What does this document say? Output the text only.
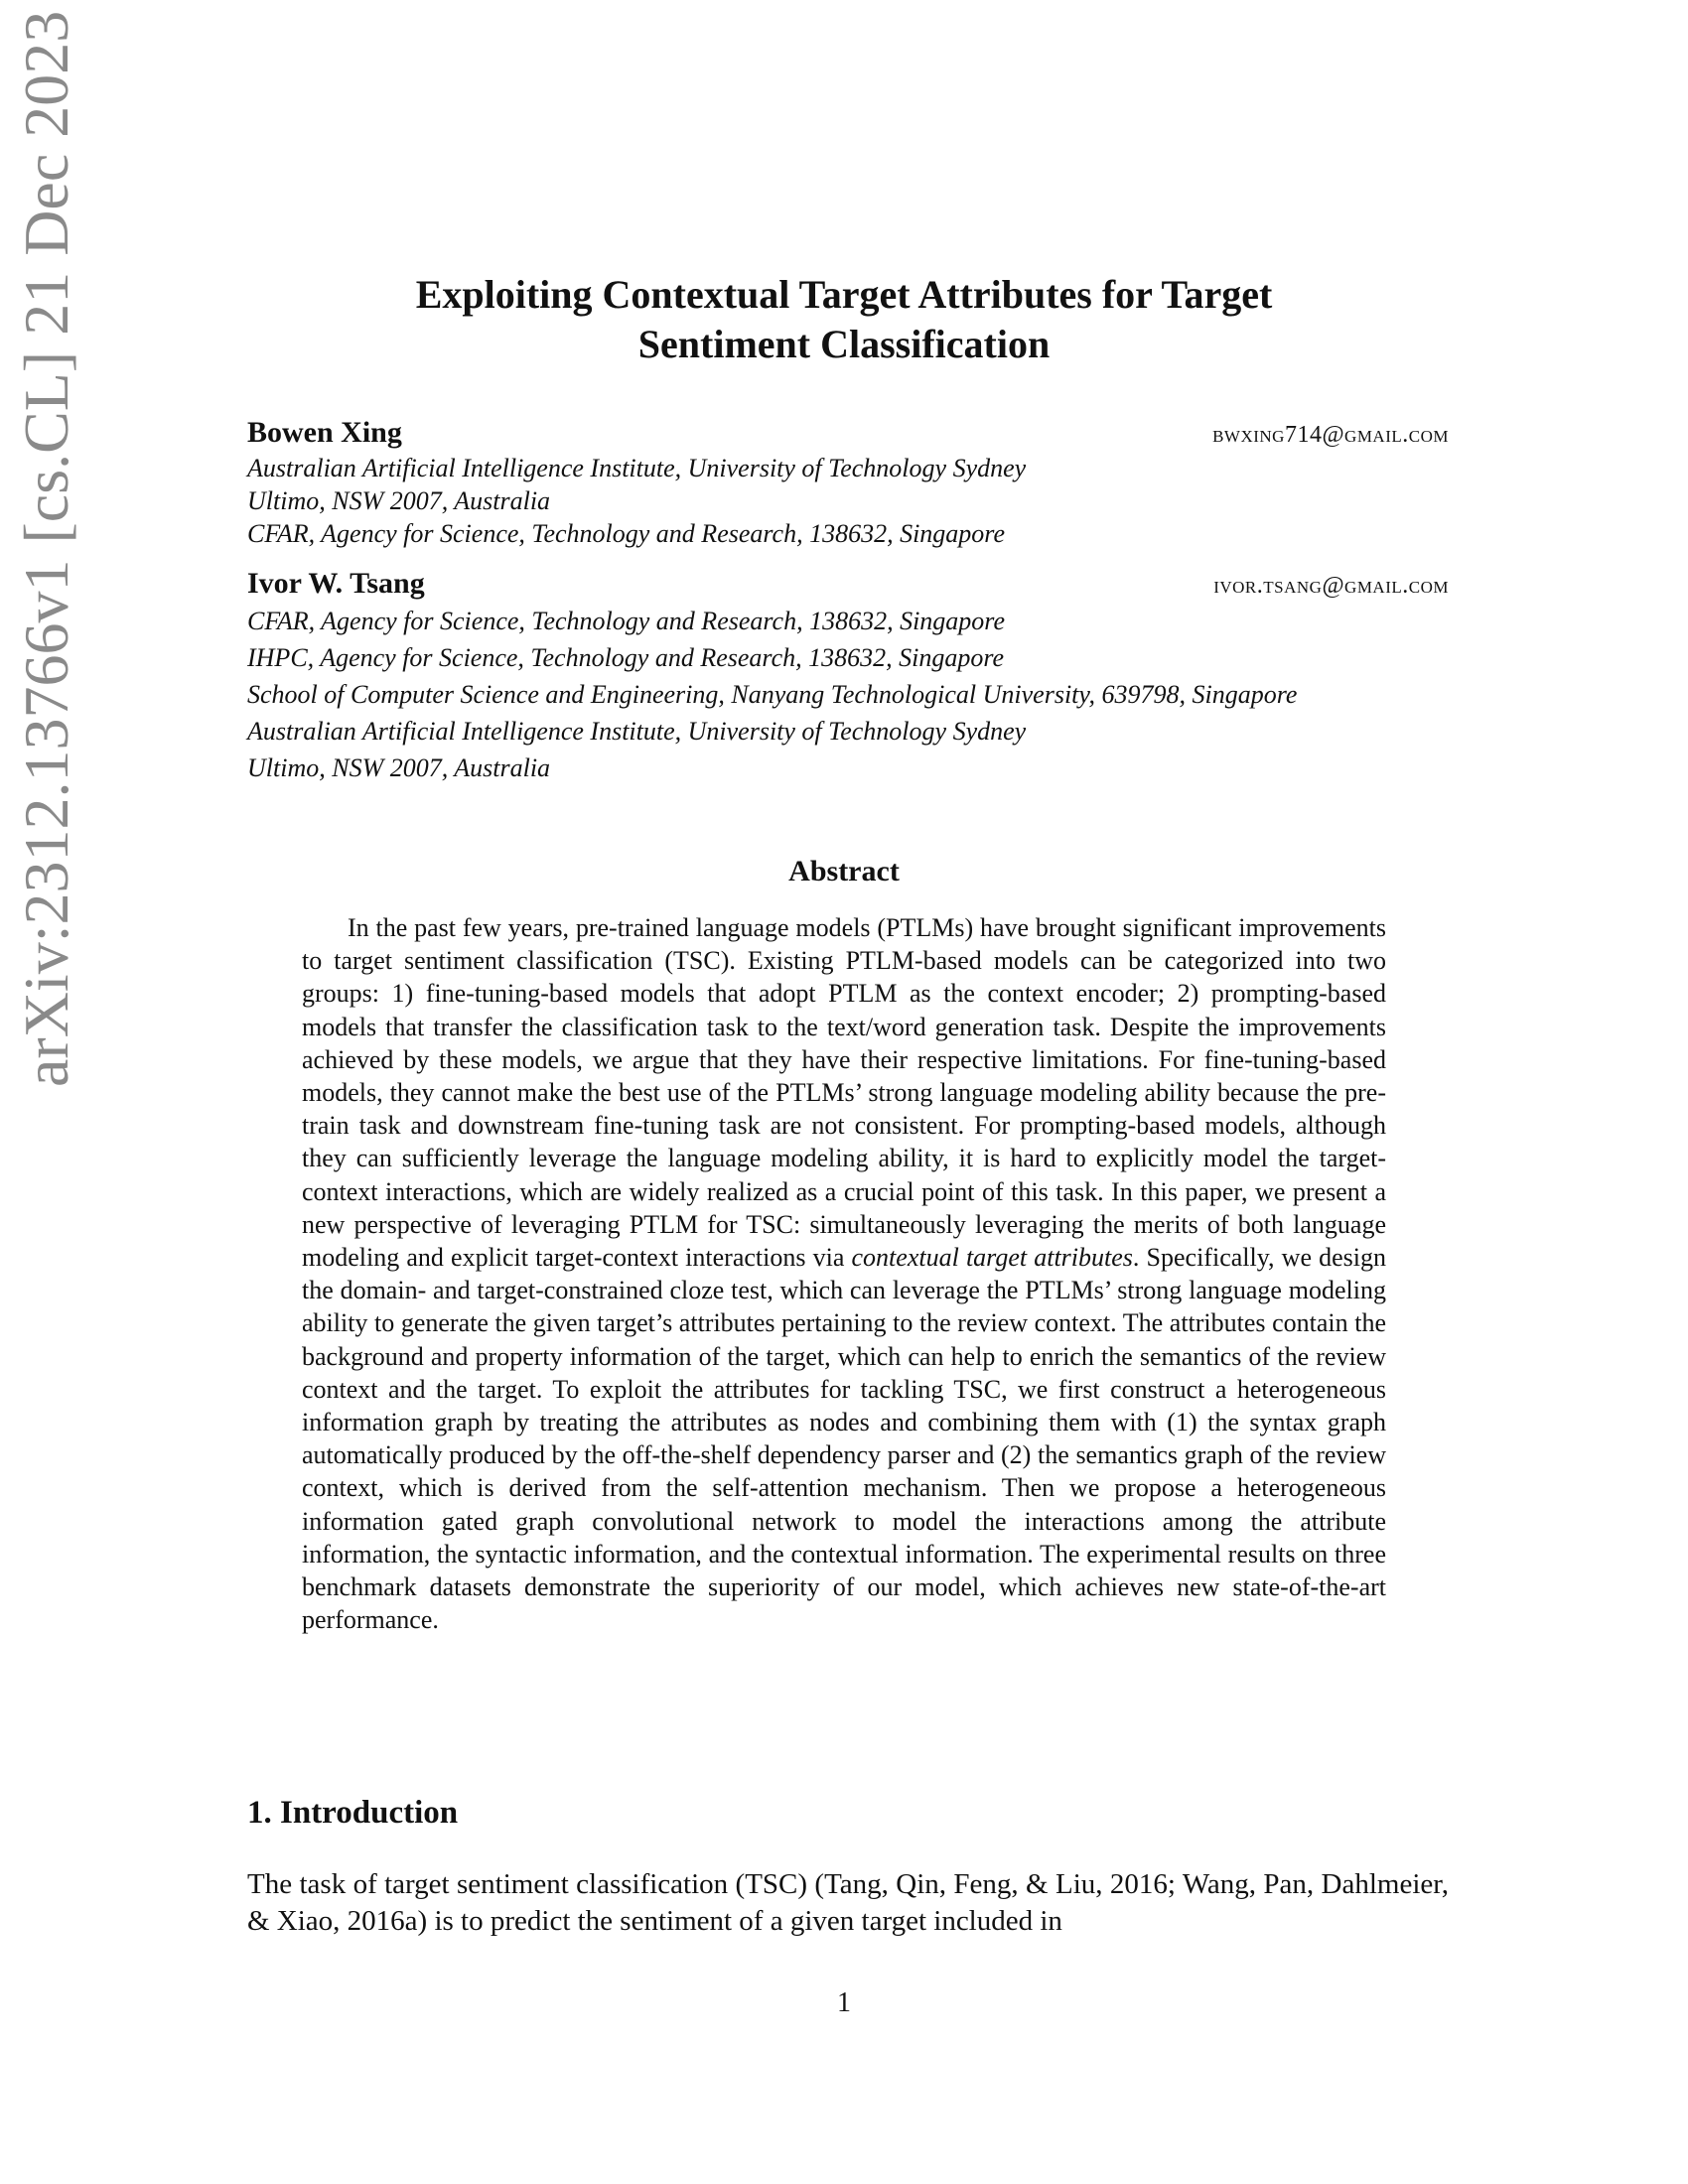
arXiv:2312.13766v1 [cs.CL] 21 Dec 2023	Exploiting Contextual Target Attributes for Target
Sentiment Classification
Bowen Xing	bwxing714@gmail.com
Australian Artificial Intelligence Institute, University of Technology Sydney
Ultimo, NSW 2007, Australia
CFAR, Agency for Science, Technology and Research, 138632, Singapore
Ivor W. Tsang	ivor.tsang@gmail.com
CFAR, Agency for Science, Technology and Research, 138632, Singapore
IHPC, Agency for Science, Technology and Research, 138632, Singapore
School of Computer Science and Engineering, Nanyang Technological University, 639798, Singapore
Australian Artificial Intelligence Institute, University of Technology Sydney
Ultimo, NSW 2007, Australia
Abstract
In the past few years, pre-trained language models (PTLMs) have brought significant improvements to target sentiment classification (TSC). Existing PTLM-based models can be categorized into two groups: 1) fine-tuning-based models that adopt PTLM as the context encoder; 2) prompting-based models that transfer the classification task to the text/word generation task. Despite the improvements achieved by these models, we argue that they have their respective limitations. For fine-tuning-based models, they cannot make the best use of the PTLMs’ strong language modeling ability because the pre-train task and downstream fine-tuning task are not consistent. For prompting-based models, although they can sufficiently leverage the language modeling ability, it is hard to explicitly model the target-context interactions, which are widely realized as a crucial point of this task. In this paper, we present a new perspective of leveraging PTLM for TSC: simultaneously leveraging the merits of both language modeling and explicit target-context interactions via contextual target attributes. Specifically, we design the domain- and target-constrained cloze test, which can leverage the PTLMs’ strong language modeling ability to generate the given target’s attributes pertaining to the review context. The attributes contain the background and property information of the target, which can help to enrich the semantics of the review context and the target. To exploit the attributes for tackling TSC, we first construct a heterogeneous information graph by treating the attributes as nodes and combining them with (1) the syntax graph automatically produced by the off-the-shelf dependency parser and (2) the semantics graph of the review context, which is derived from the self-attention mechanism. Then we propose a heterogeneous information gated graph convolutional network to model the interactions among the attribute information, the syntactic information, and the contextual information. The experimental results on three benchmark datasets demonstrate the superiority of our model, which achieves new state-of-the-art performance.
1. Introduction
The task of target sentiment classification (TSC) (Tang, Qin, Feng, & Liu, 2016; Wang, Pan, Dahlmeier, & Xiao, 2016a) is to predict the sentiment of a given target included in
1
